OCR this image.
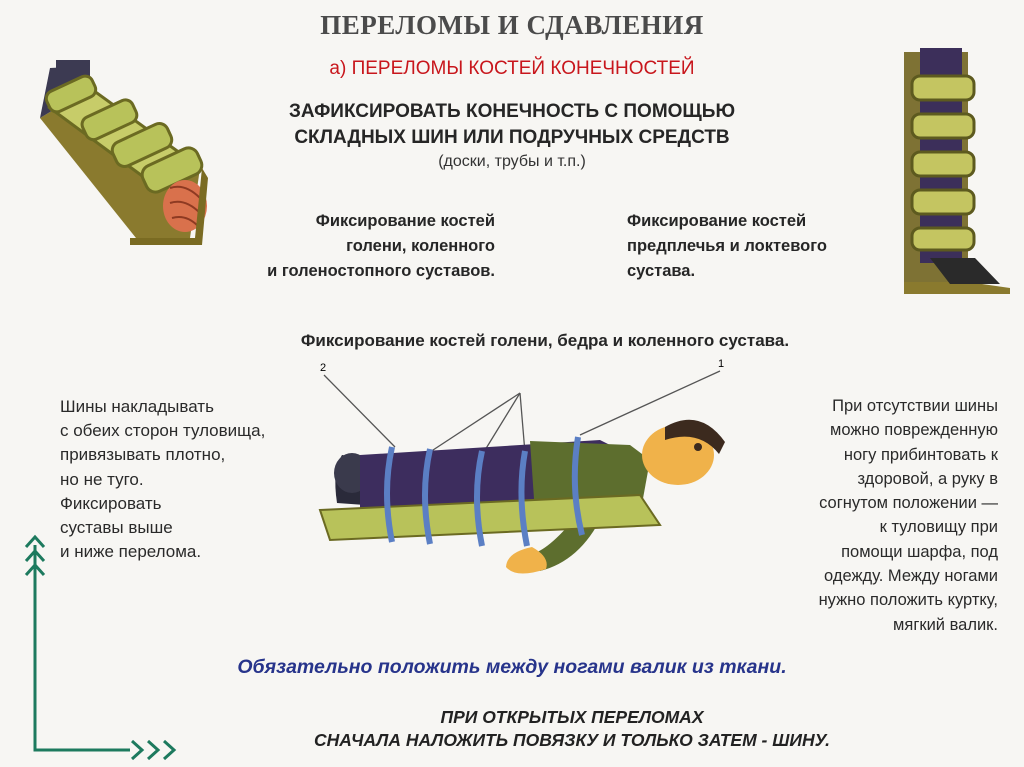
ПЕРЕЛОМЫ И СДАВЛЕНИЯ
а) ПЕРЕЛОМЫ КОСТЕЙ КОНЕЧНОСТЕЙ
ЗАФИКСИРОВАТЬ КОНЕЧНОСТЬ С ПОМОЩЬЮ
СКЛАДНЫХ ШИН ИЛИ ПОДРУЧНЫХ СРЕДСТВ
(доски, трубы и т.п.)
Фиксирование костей
голени, коленного
и голеностопного суставов.
Фиксирование костей
предплечья и локтевого
сустава.
Фиксирование костей голени, бедра и коленного сустава.
2	1
Шины накладывать
с обеих сторон туловища,
привязывать плотно,
но не туго.
Фиксировать
суставы выше
и ниже перелома.
При отсутствии шины
можно поврежденную
ногу прибинтовать к
здоровой, а руку в
согнутом положении —
к туловищу при
помощи шарфа, под
одежду. Между ногами
нужно положить куртку,
мягкий валик.
Обязательно положить между ногами валик из ткани.
ПРИ ОТКРЫТЫХ ПЕРЕЛОМАХ
СНАЧАЛА НАЛОЖИТЬ ПОВЯЗКУ И ТОЛЬКО ЗАТЕМ - ШИНУ.
